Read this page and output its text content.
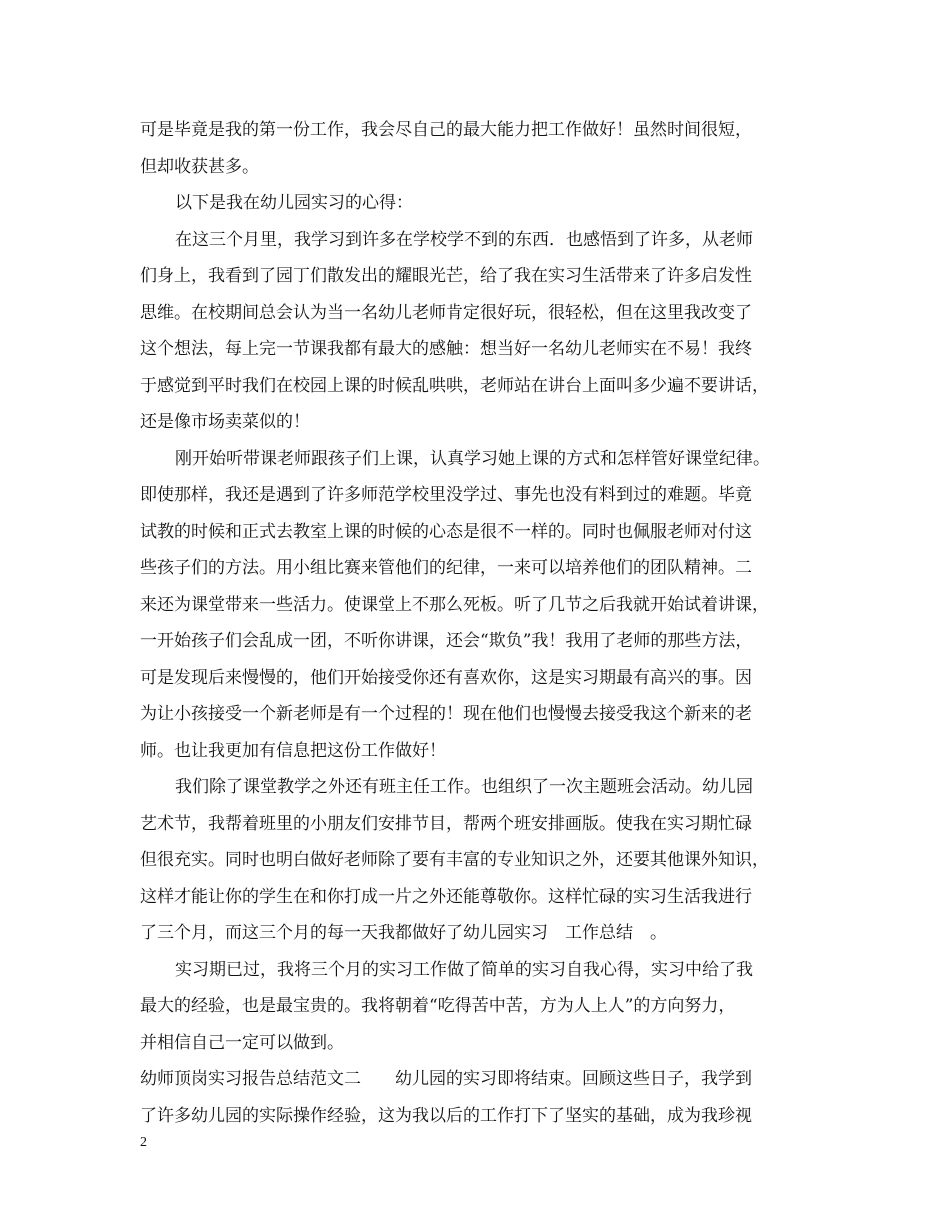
可是毕竟是我的第一份工作，我会尽自己的最大能力把工作做好！虽然时间很短，
但却收获甚多。
以下是我在幼儿园实习的心得：
在这三个月里，我学习到许多在学校学不到的东西．也感悟到了许多，从老师
们身上，我看到了园丁们散发出的耀眼光芒，给了我在实习生活带来了许多启发性
思维。在校期间总会认为当一名幼儿老师肯定很好玩，很轻松，但在这里我改变了
这个想法，每上完一节课我都有最大的感触：想当好一名幼儿老师实在不易！我终
于感觉到平时我们在校园上课的时候乱哄哄，老师站在讲台上面叫多少遍不要讲话，
还是像市场卖菜似的！
刚开始听带课老师跟孩子们上课，认真学习她上课的方式和怎样管好课堂纪律。
即使那样，我还是遇到了许多师范学校里没学过、事先也没有料到过的难题。毕竟
试教的时候和正式去教室上课的时候的心态是很不一样的。同时也佩服老师对付这
些孩子们的方法。用小组比赛来管他们的纪律，一来可以培养他们的团队精神。二
来还为课堂带来一些活力。使课堂上不那么死板。听了几节之后我就开始试着讲课，
一开始孩子们会乱成一团，不听你讲课，还会“欺负”我！我用了老师的那些方法，
可是发现后来慢慢的，他们开始接受你还有喜欢你，这是实习期最有高兴的事。因
为让小孩接受一个新老师是有一个过程的！现在他们也慢慢去接受我这个新来的老
师。也让我更加有信息把这份工作做好！
我们除了课堂教学之外还有班主任工作。也组织了一次主题班会活动。幼儿园
艺术节，我帮着班里的小朋友们安排节目，帮两个班安排画版。使我在实习期忙碌
但很充实。同时也明白做好老师除了要有丰富的专业知识之外，还要其他课外知识，
这样才能让你的学生在和你打成一片之外还能尊敬你。这样忙碌的实习生活我进行
了三个月，而这三个月的每一天我都做好了幼儿园实习　工作总结　。
实习期已过，我将三个月的实习工作做了简单的实习自我心得，实习中给了我
最大的经验，也是最宝贵的。我将朝着“吃得苦中苦，方为人上人”的方向努力，
并相信自己一定可以做到。
幼师顶岗实习报告总结范文二　　幼儿园的实习即将结束。回顾这些日子，我学到
了许多幼儿园的实际操作经验，这为我以后的工作打下了坚实的基础，成为我珍视
2
